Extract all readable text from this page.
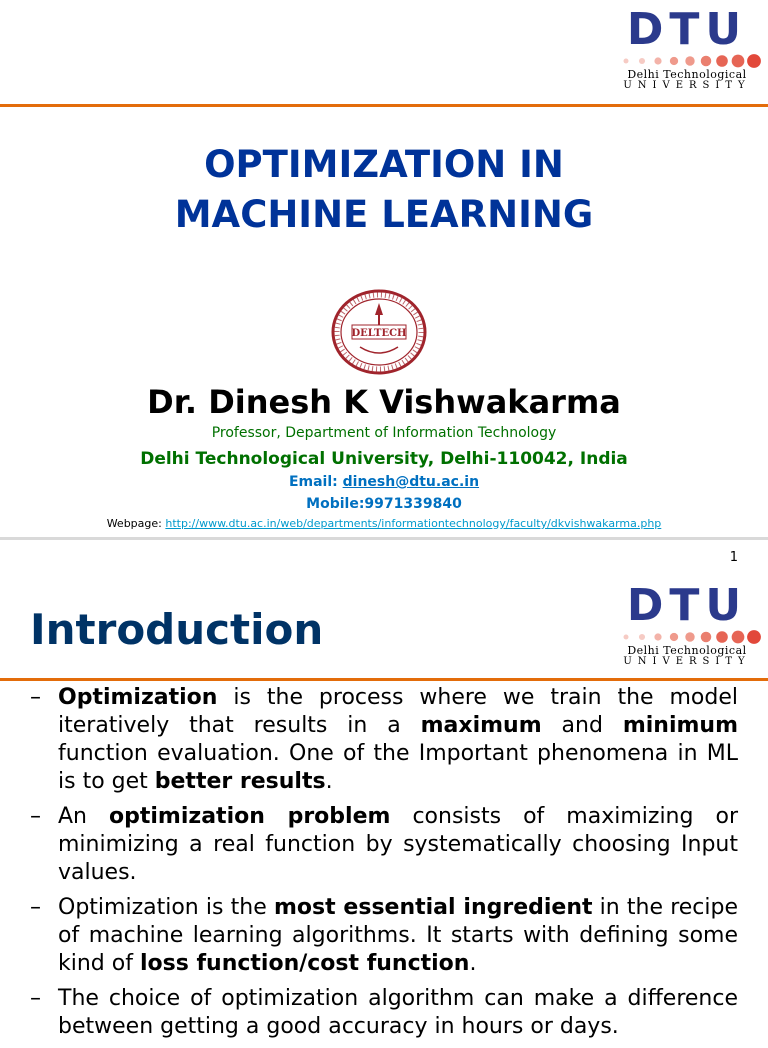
DTU
Delhi Technological
UNIVERSITY
OPTIMIZATION IN
MACHINE LEARNING
DELTECH
Dr. Dinesh K Vishwakarma
Professor, Department of Information Technology
Delhi Technological University, Delhi-110042, India
Email: dinesh@dtu.ac.in
Mobile:9971339840
Webpage: http://www.dtu.ac.in/web/departments/informationtechnology/faculty/dkvishwakarma.php
1
Introduction	DTU
Delhi Technological
UNIVERSITY
– Optimization is the process where we train the model iteratively that results in a maximum and minimum function evaluation. One of the Important phenomena in ML is to get better results.
– An optimization problem consists of maximizing or minimizing a real function by systematically choosing Input values.
– Optimization is the most essential ingredient in the recipe of machine learning algorithms. It starts with defining some kind of loss function/cost function.
– The choice of optimization algorithm can make a difference between getting a good accuracy in hours or days.
